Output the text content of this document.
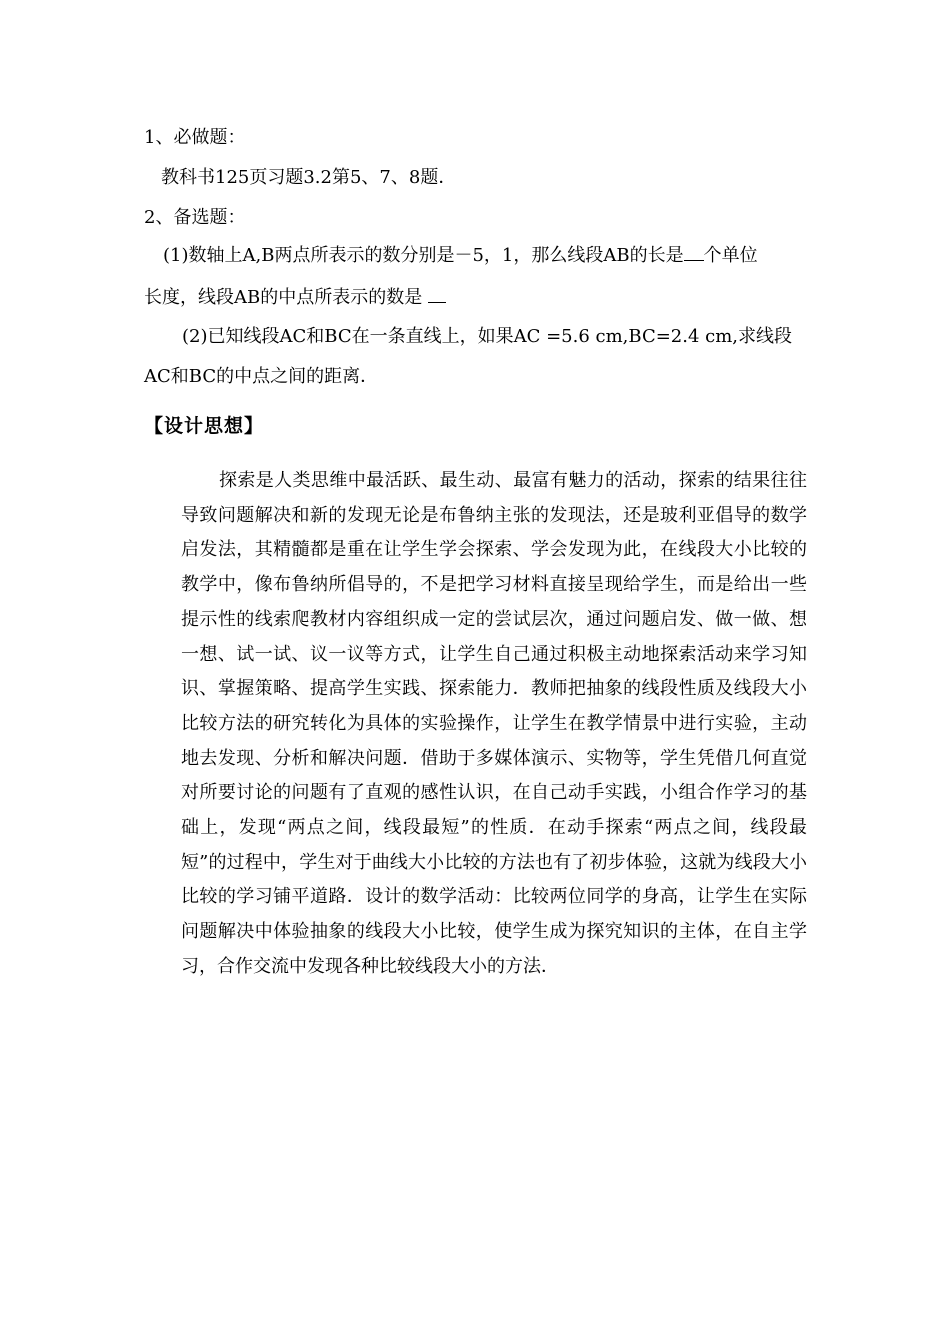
1、必做题：
教科书125页习题3.2第5、7、8题．
2、备选题：
(1)数轴上A,B两点所表示的数分别是－5，1，那么线段AB的长是 个单位
长度，线段AB的中点所表示的数是
(2)已知线段AC和BC在一条直线上，如果AC =5.6 cm,BC=2.4 cm,求线段
AC和BC的中点之间的距离．
【设计思想】
探索是人类思维中最活跃、最生动、最富有魅力的活动，探索的结果往往导致问题解决和新的发现无论是布鲁纳主张的发现法，还是玻利亚倡导的数学启发法，其精髓都是重在让学生学会探索、学会发现为此，在线段大小比较的教学中，像布鲁纳所倡导的，不是把学习材料直接呈现给学生，而是给出一些提示性的线索爬教材内容组织成一定的尝试层次，通过问题启发、做一做、想一想、试一试、议一议等方式，让学生自己通过积极主动地探索活动来学习知识、掌握策略、提高学生实践、探索能力．教师把抽象的线段性质及线段大小比较方法的研究转化为具体的实验操作，让学生在教学情景中进行实验，主动地去发现、分析和解决问题．借助于多媒体演示、实物等，学生凭借几何直觉对所要讨论的问题有了直观的感性认识，在自己动手实践，小组合作学习的基础上，发现“两点之间，线段最短”的性质．在动手探索“两点之间，线段最短”的过程中，学生对于曲线大小比较的方法也有了初步体验，这就为线段大小比较的学习铺平道路．设计的数学活动：比较两位同学的身高，让学生在实际问题解决中体验抽象的线段大小比较，使学生成为探究知识的主体，在自主学习，合作交流中发现各种比较线段大小的方法．
